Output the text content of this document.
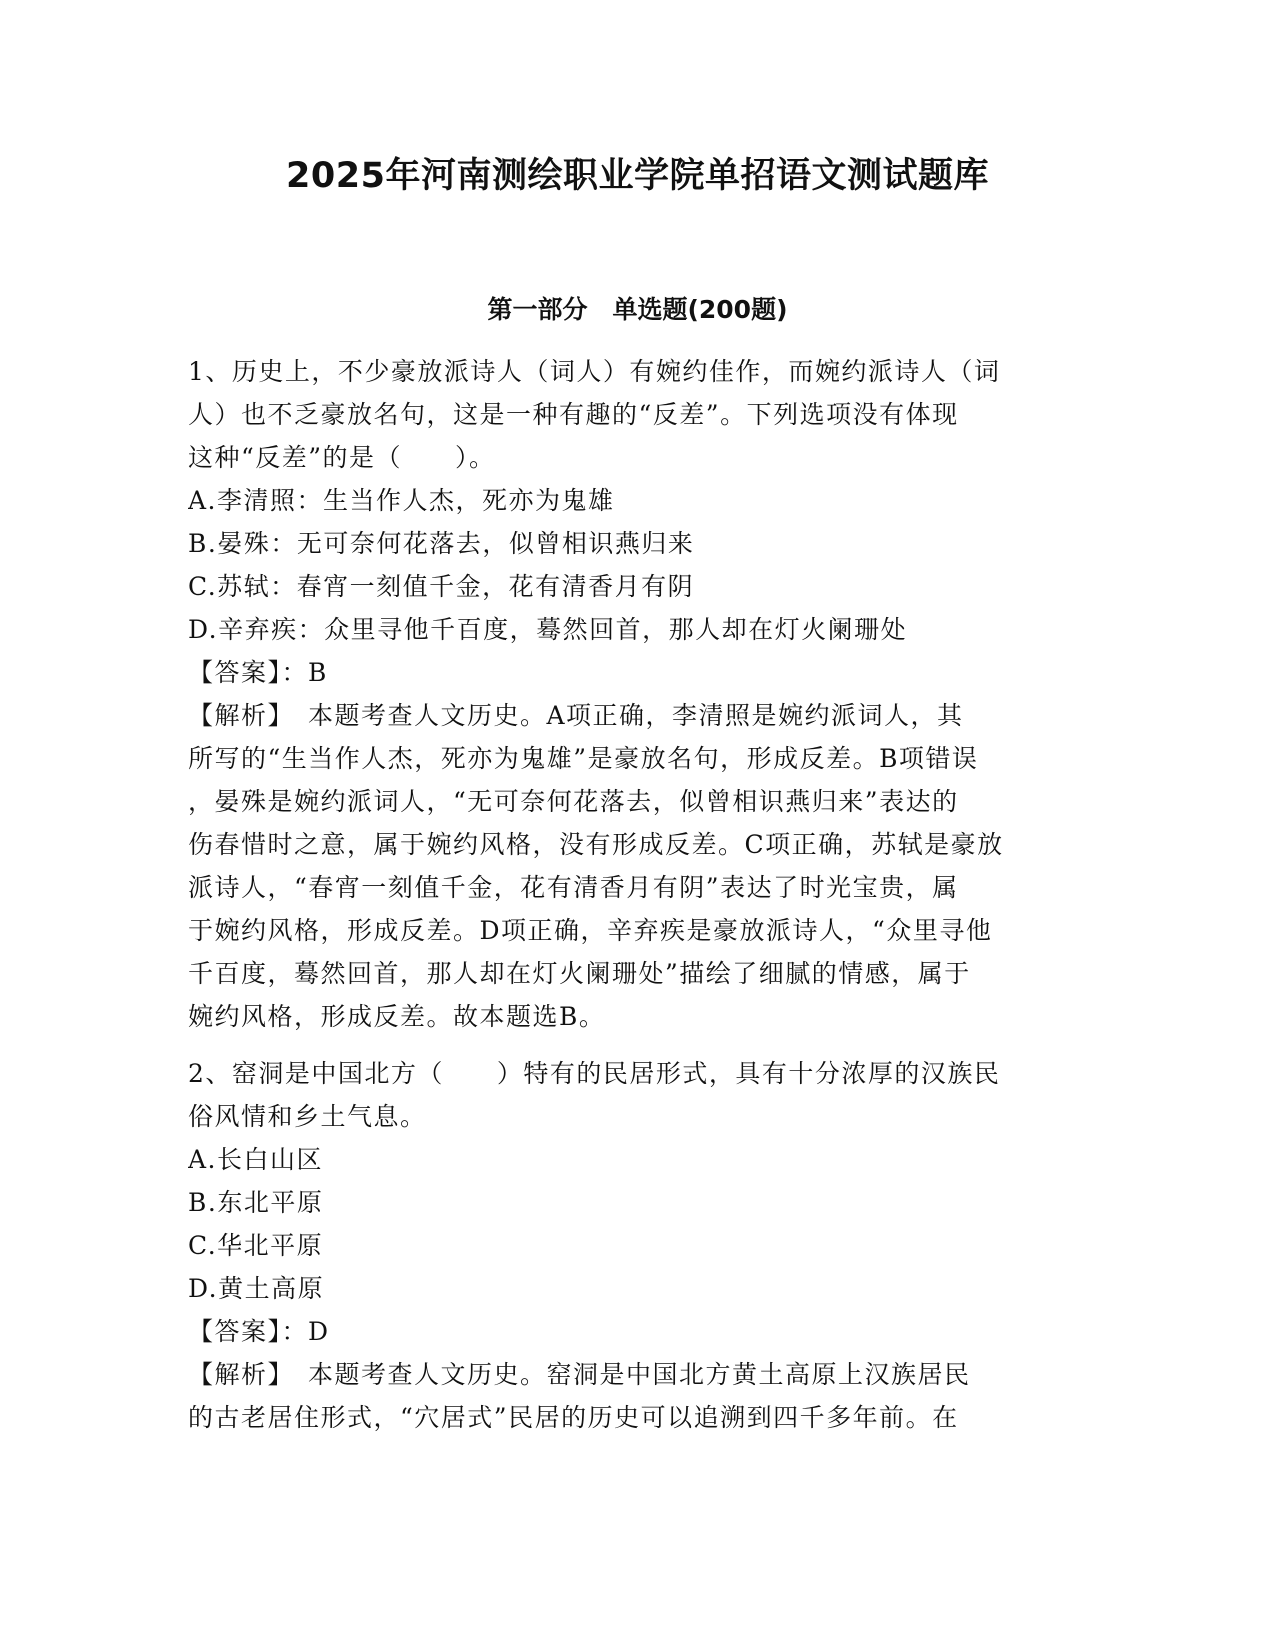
2025年河南测绘职业学院单招语文测试题库
第一部分　单选题(200题)
1、历史上，不少豪放派诗人（词人）有婉约佳作，而婉约派诗人（词
人）也不乏豪放名句，这是一种有趣的“反差”。下列选项没有体现
这种“反差”的是（　　）。
A.李清照：生当作人杰，死亦为鬼雄
B.晏殊：无可奈何花落去，似曾相识燕归来
C.苏轼：春宵一刻值千金，花有清香月有阴
D.辛弃疾：众里寻他千百度，蓦然回首，那人却在灯火阑珊处
【答案】：B
【解析】　本题考查人文历史。A项正确，李清照是婉约派词人，其
所写的“生当作人杰，死亦为鬼雄”是豪放名句，形成反差。B项错误
，晏殊是婉约派词人，“无可奈何花落去，似曾相识燕归来”表达的
伤春惜时之意，属于婉约风格，没有形成反差。C项正确，苏轼是豪放
派诗人，“春宵一刻值千金，花有清香月有阴”表达了时光宝贵，属
于婉约风格，形成反差。D项正确，辛弃疾是豪放派诗人，“众里寻他
千百度，蓦然回首，那人却在灯火阑珊处”描绘了细腻的情感，属于
婉约风格，形成反差。故本题选B。
2、窑洞是中国北方（　　）特有的民居形式，具有十分浓厚的汉族民
俗风情和乡土气息。
A.长白山区
B.东北平原
C.华北平原
D.黄土高原
【答案】：D
【解析】　本题考查人文历史。窑洞是中国北方黄土高原上汉族居民
的古老居住形式，“穴居式”民居的历史可以追溯到四千多年前。在
